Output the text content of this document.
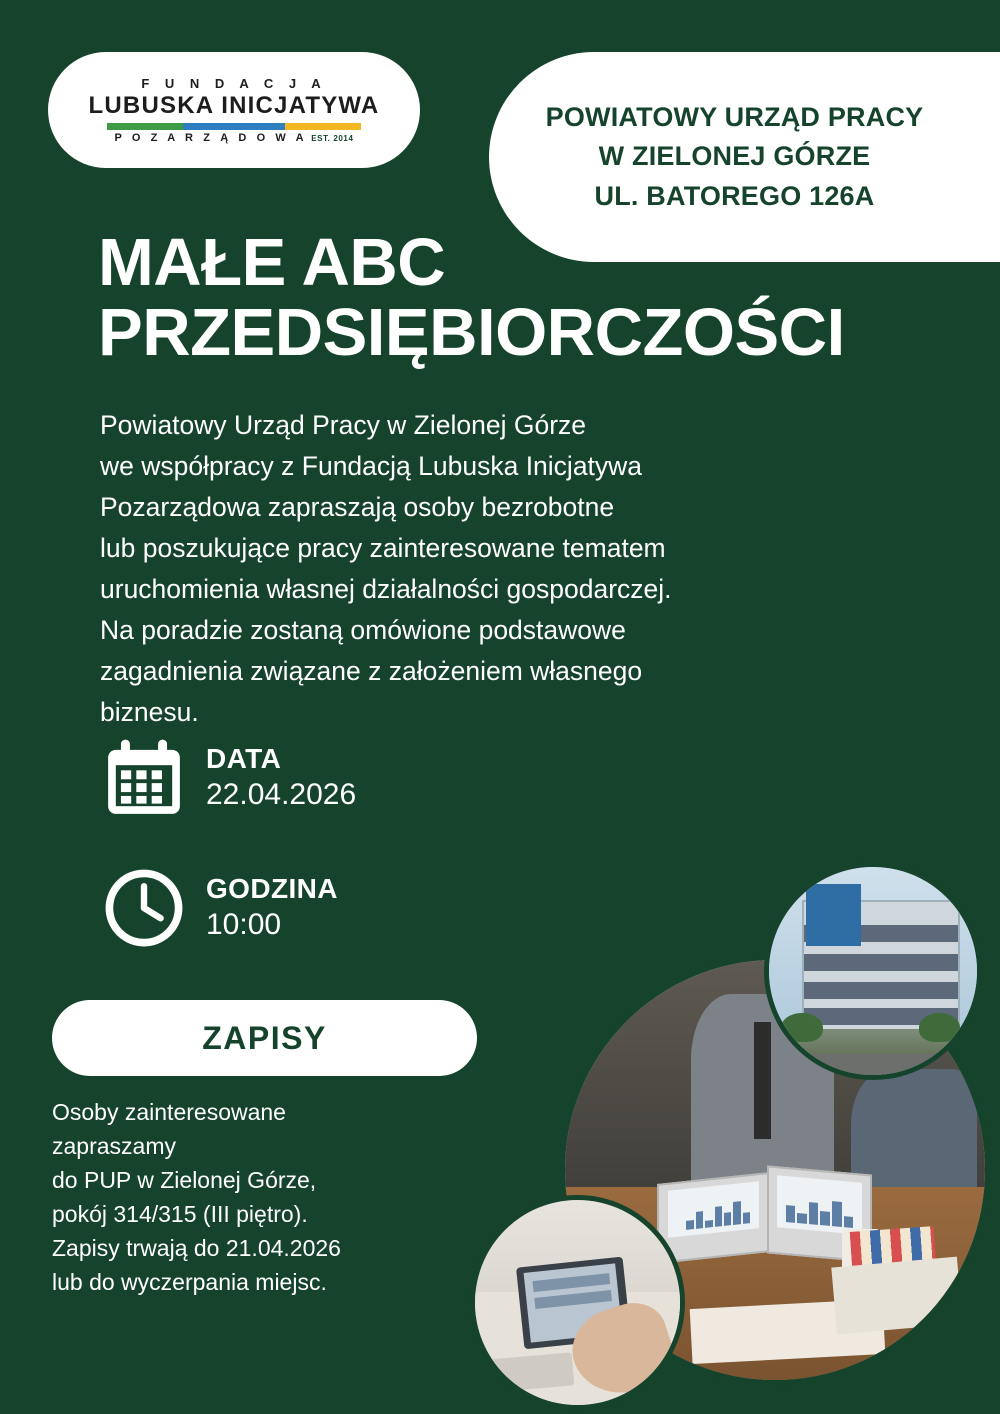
F U N D A C J A
LUBUSKA INICJATYWA
P O Z A R Z Ą D O W A EST. 2014
POWIATOWY URZĄD PRACY
W ZIELONEJ GÓRZE
UL. BATOREGO 126A
MAŁE ABC
PRZEDSIĘBIORCZOŚCI
Powiatowy Urząd Pracy w Zielonej Górze
we współpracy z Fundacją Lubuska Inicjatywa
Pozarządowa zapraszają osoby bezrobotne
lub poszukujące pracy zainteresowane tematem
uruchomienia własnej działalności gospodarczej.
Na poradzie zostaną omówione podstawowe
zagadnienia związane z założeniem własnego
biznesu.
DATA
22.04.2026
GODZINA
10:00
ZAPISY
Osoby zainteresowane
zapraszamy
do PUP w Zielonej Górze,
pokój 314/315 (III piętro).
Zapisy trwają do 21.04.2026
lub do wyczerpania miejsc.
